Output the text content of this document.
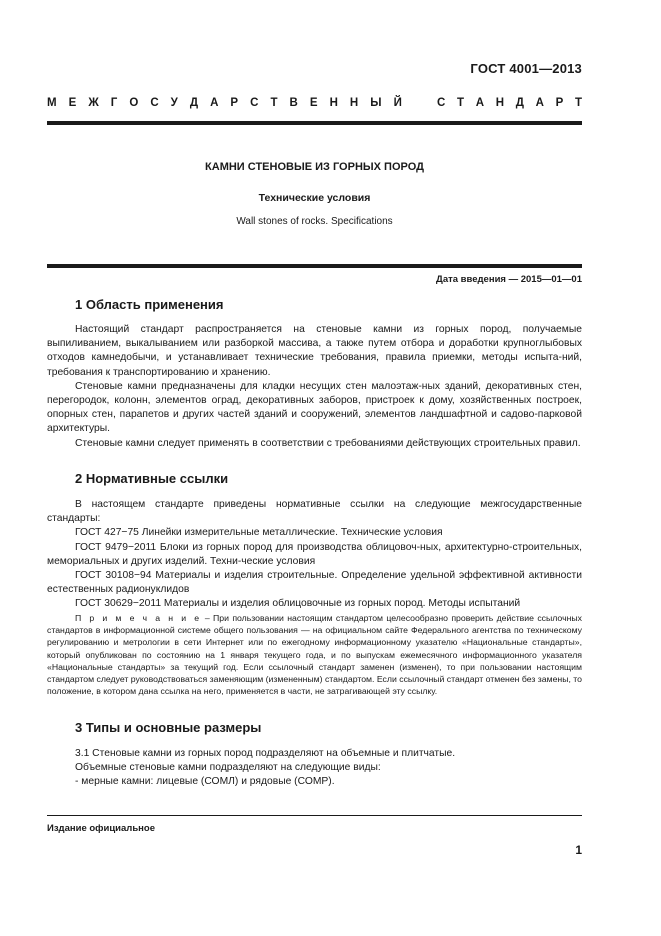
ГОСТ 4001—2013
М Е Ж Г О С У Д А Р С Т В Е Н Н Ы Й	С Т А Н Д А Р Т
КАМНИ СТЕНОВЫЕ ИЗ ГОРНЫХ ПОРОД
Технические условия
Wall stones of rocks. Specifications
Дата введения — 2015—01—01
1 Область применения

Настоящий стандарт распространяется на стеновые камни из горных пород, получаемые выпиливанием, выкалыванием или разборкой массива, а также путем отбора и доработки крупноглыбовых отходов камнедобычи, и устанавливает технические требования, правила приемки, методы испыта-ний, требования к транспортированию и хранению.

Стеновые камни предназначены для кладки несущих стен малоэтаж-ных зданий, декоративных стен, перегородок, колонн, элементов оград, декоративных заборов, пристроек к дому, хозяйственных построек, опорных стен, парапетов и других частей зданий и сооружений, элементов ландшафтной и садово-парковой архитектуры.

Стеновые камни следует применять в соответствии с требованиями действующих строительных правил.

2 Нормативные ссылки

В настоящем стандарте приведены нормативные ссылки на следующие межгосударственные стандарты:

ГОСТ 427−75 Линейки измерительные металлические. Технические условия

ГОСТ 9479−2011 Блоки из горных пород для производства облицовоч-ных, архитектурно-строительных, мемориальных и других изделий. Техни-ческие условия

ГОСТ 30108−94 Материалы и изделия строительные. Определение удельной эффективной активности естественных радионуклидов

ГОСТ 30629−2011 Материалы и изделия облицовочные из горных пород. Методы испытаний

П р и м е ч а н и е – При пользовании настоящим стандартом целесообразно проверить действие ссылочных стандартов в информационной системе общего пользования — на официальном сайте Федерального агентства по техническому регулированию и метрологии в сети Интернет или по ежегодному информационному указателю «Национальные стандарты», который опубликован по состоянию на 1 января текущего года, и по выпускам ежемесячного информационного указателя «Национальные стандарты» за текущий год. Если ссылочный стандарт заменен (изменен), то при пользовании настоящим стандартом следует руководствоваться заменяющим (измененным) стандартом. Если ссылочный стандарт отменен без замены, то положение, в котором дана ссылка на него, применяется в части, не затрагивающей эту ссылку.
3 Типы и основные размеры

3.1 Стеновые камни из горных пород подразделяют на объемные и плитчатые.

Объемные стеновые камни подразделяют на следующие виды:

- мерные камни: лицевые (СОМЛ) и рядовые (СОМР).

Издание официальное
1
